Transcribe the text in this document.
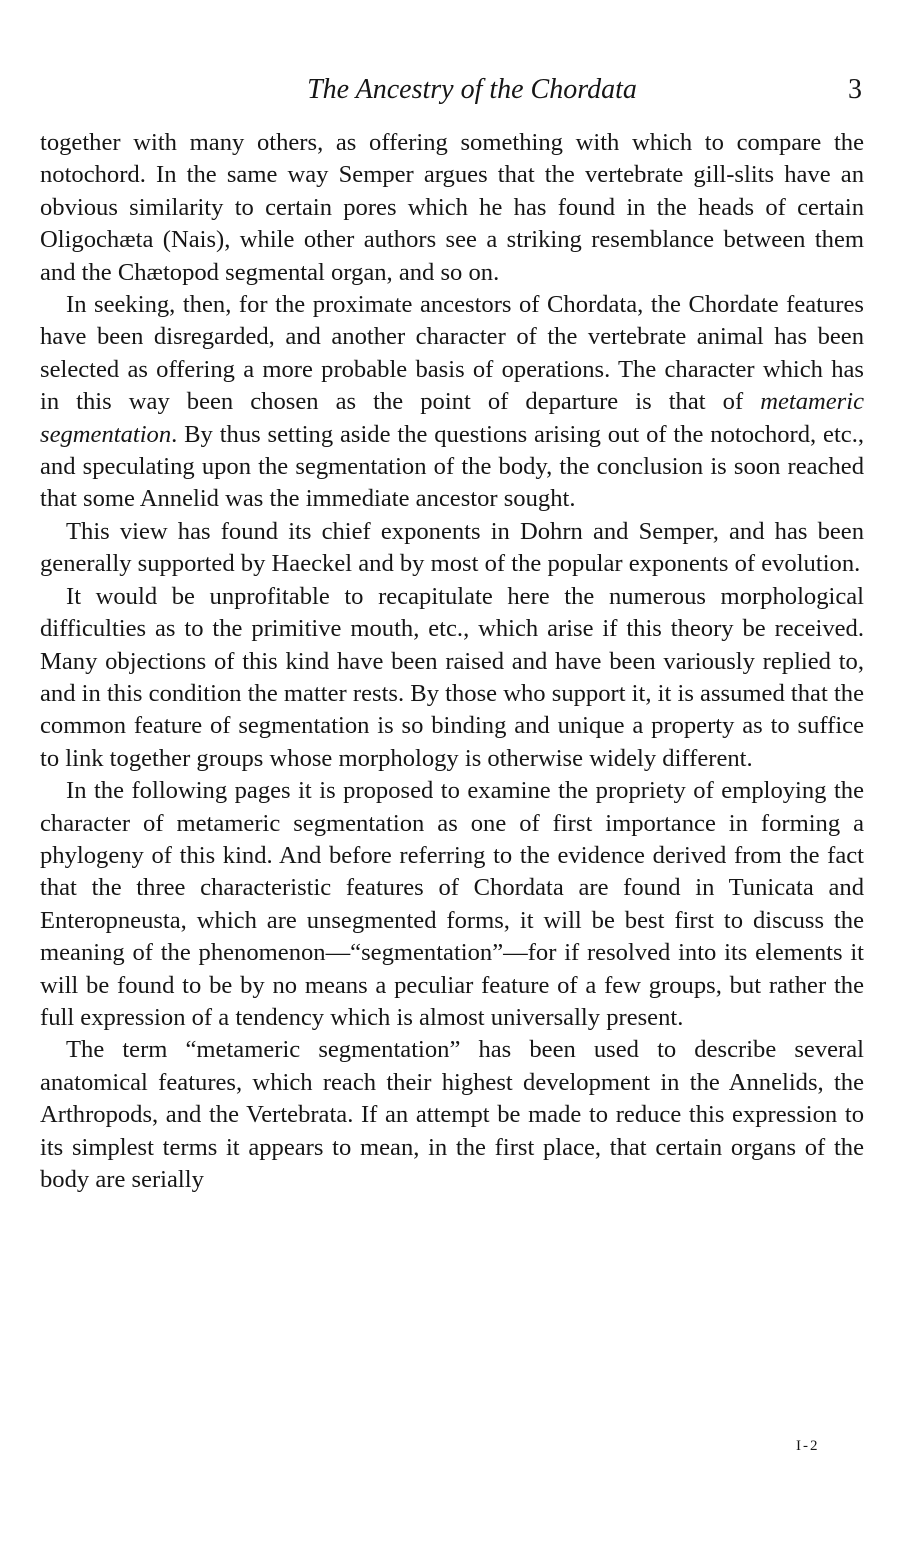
The Ancestry of the Chordata	3

together with many others, as offering something with which to compare the notochord. In the same way Semper argues that the vertebrate gill-slits have an obvious similarity to certain pores which he has found in the heads of certain Oligochæta (Nais), while other authors see a striking resemblance between them and the Chætopod segmental organ, and so on.

In seeking, then, for the proximate ancestors of Chordata, the Chordate features have been disregarded, and another character of the vertebrate animal has been selected as offering a more probable basis of operations. The character which has in this way been chosen as the point of departure is that of metameric segmentation. By thus setting aside the questions arising out of the notochord, etc., and speculating upon the segmentation of the body, the conclusion is soon reached that some Annelid was the immediate ancestor sought.

This view has found its chief exponents in Dohrn and Semper, and has been generally supported by Haeckel and by most of the popular exponents of evolution.

It would be unprofitable to recapitulate here the numerous morphological difficulties as to the primitive mouth, etc., which arise if this theory be received. Many objections of this kind have been raised and have been variously replied to, and in this condition the matter rests. By those who support it, it is assumed that the common feature of segmentation is so binding and unique a property as to suffice to link together groups whose morphology is otherwise widely different.

In the following pages it is proposed to examine the propriety of employing the character of metameric segmentation as one of first importance in forming a phylogeny of this kind. And before referring to the evidence derived from the fact that the three characteristic features of Chordata are found in Tunicata and Enteropneusta, which are unsegmented forms, it will be best first to discuss the meaning of the phenomenon—“segmentation”—for if resolved into its elements it will be found to be by no means a peculiar feature of a few groups, but rather the full expression of a tendency which is almost universally present.

The term “metameric segmentation” has been used to describe several anatomical features, which reach their highest development in the Annelids, the Arthropods, and the Vertebrata. If an attempt be made to reduce this expression to its simplest terms it appears to mean, in the first place, that certain organs of the body are serially

I-2
